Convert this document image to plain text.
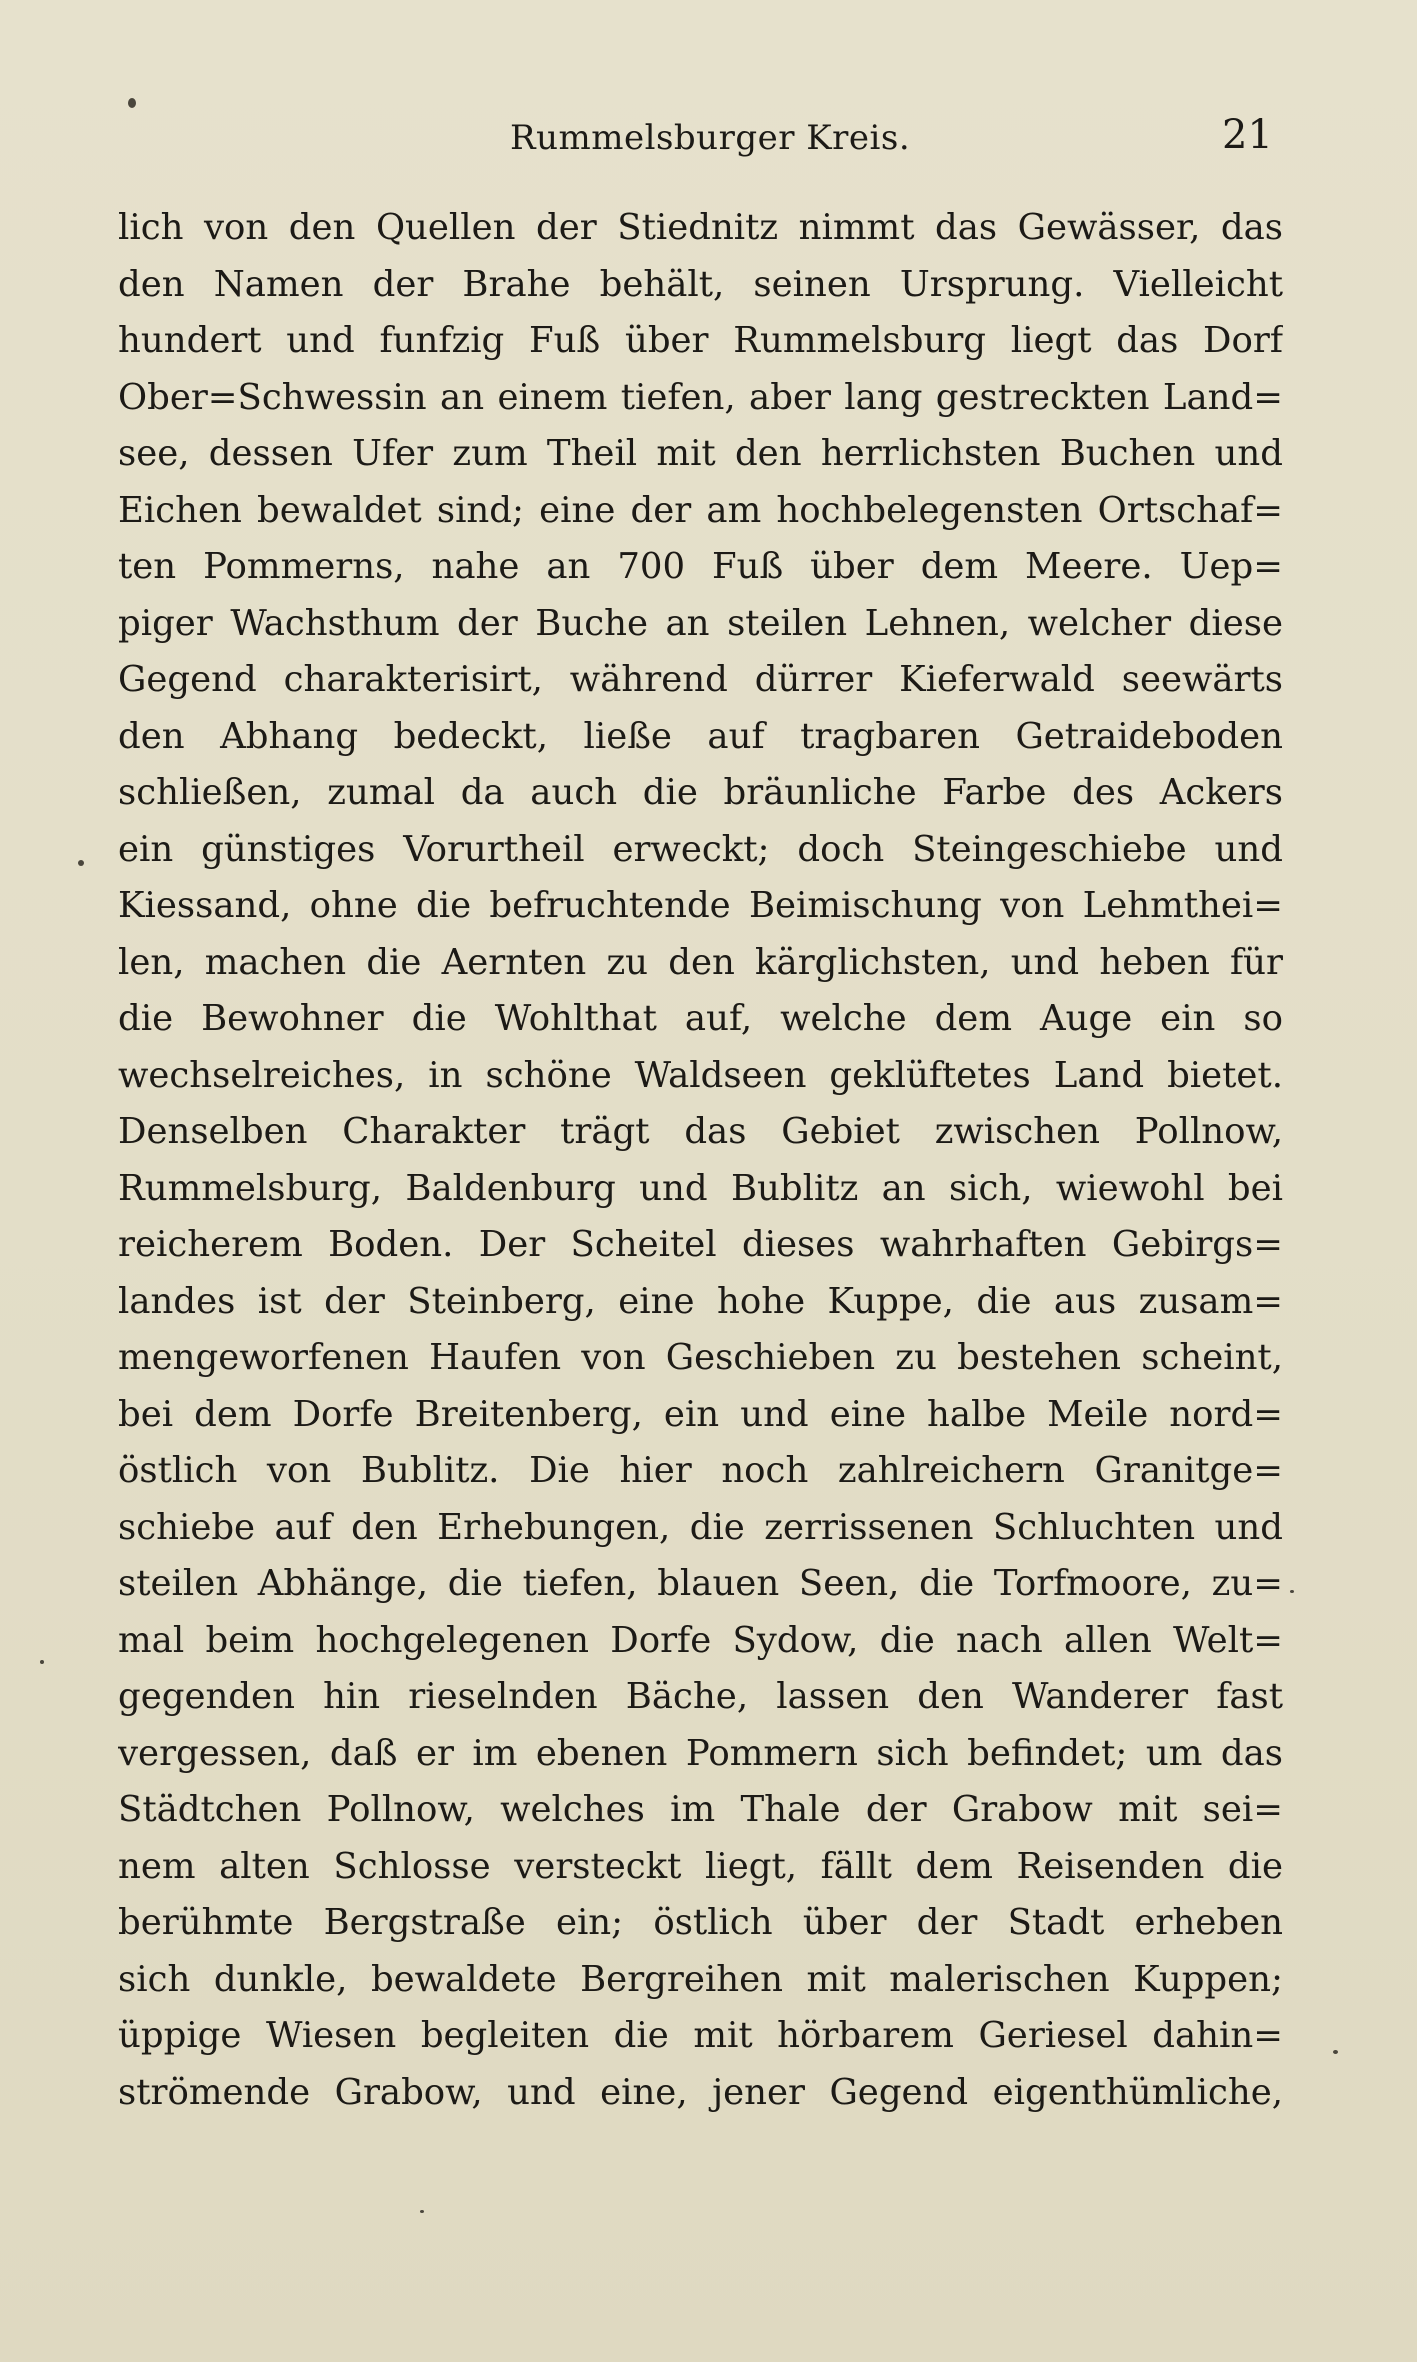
Rummelsburger Kreis.	21
lich von den Quellen der Stiednitz nimmt das Gewässer, das
den Namen der Brahe behält, seinen Ursprung. Vielleicht
hundert und funfzig Fuß über Rummelsburg liegt das Dorf
Ober=Schwessin an einem tiefen, aber lang gestreckten Land=
see, dessen Ufer zum Theil mit den herrlichsten Buchen und
Eichen bewaldet sind; eine der am hochbelegensten Ortschaf=
ten Pommerns, nahe an 700 Fuß über dem Meere. Uep=
piger Wachsthum der Buche an steilen Lehnen, welcher diese
Gegend charakterisirt, während dürrer Kieferwald seewärts
den Abhang bedeckt, ließe auf tragbaren Getraideboden
schließen, zumal da auch die bräunliche Farbe des Ackers
ein günstiges Vorurtheil erweckt; doch Steingeschiebe und
Kiessand, ohne die befruchtende Beimischung von Lehmthei=
len, machen die Aernten zu den kärglichsten, und heben für
die Bewohner die Wohlthat auf, welche dem Auge ein so
wechselreiches, in schöne Waldseen geklüftetes Land bietet.
Denselben Charakter trägt das Gebiet zwischen Pollnow,
Rummelsburg, Baldenburg und Bublitz an sich, wiewohl bei
reicherem Boden. Der Scheitel dieses wahrhaften Gebirgs=
landes ist der Steinberg, eine hohe Kuppe, die aus zusam=
mengeworfenen Haufen von Geschieben zu bestehen scheint,
bei dem Dorfe Breitenberg, ein und eine halbe Meile nord=
östlich von Bublitz. Die hier noch zahlreichern Granitge=
schiebe auf den Erhebungen, die zerrissenen Schluchten und
steilen Abhänge, die tiefen, blauen Seen, die Torfmoore, zu=
mal beim hochgelegenen Dorfe Sydow, die nach allen Welt=
gegenden hin rieselnden Bäche, lassen den Wanderer fast
vergessen, daß er im ebenen Pommern sich befindet; um das
Städtchen Pollnow, welches im Thale der Grabow mit sei=
nem alten Schlosse versteckt liegt, fällt dem Reisenden die
berühmte Bergstraße ein; östlich über der Stadt erheben
sich dunkle, bewaldete Bergreihen mit malerischen Kuppen;
üppige Wiesen begleiten die mit hörbarem Geriesel dahin=
strömende Grabow, und eine, jener Gegend eigenthümliche,
